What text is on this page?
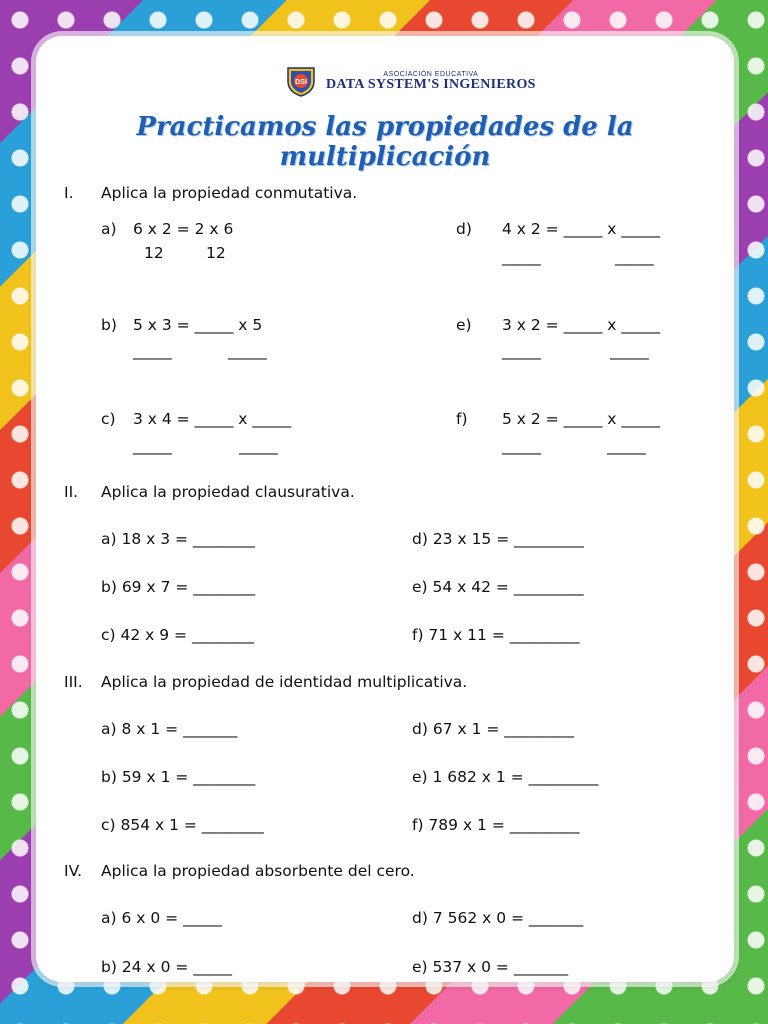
DSI
ASOCIACIÓN EDUCATIVA
DATA SYSTEM'S INGENIEROS
Practicamos las propiedades de la multiplicación
I. Aplica la propiedad conmutativa.
a) 6 x 2 = 2 x 6
12	12
b) 5 x 3 = _____ x 5
_____	_____
c) 3 x 4 = _____ x _____
_____	_____
d) 4 x 2 = _____ x _____
_____	_____
e) 3 x 2 = _____ x _____
_____	_____
f) 5 x 2 = _____ x _____
_____	_____
II. Aplica la propiedad clausurativa.
a) 18 x 3 = ________
b) 69 x 7 = ________
c) 42 x 9 = ________
d) 23 x 15 = _________
e) 54 x 42 = _________
f) 71 x 11 = _________
III. Aplica la propiedad de identidad multiplicativa.
a) 8 x 1 = _______
b) 59 x 1 = ________
c) 854 x 1 = ________
d) 67 x 1 = _________
e) 1 682 x 1 = _________
f) 789 x 1 = _________
IV. Aplica la propiedad absorbente del cero.
a) 6 x 0 = _____
b) 24 x 0 = _____
d) 7 562 x 0 = _______
e) 537 x 0 = _______
